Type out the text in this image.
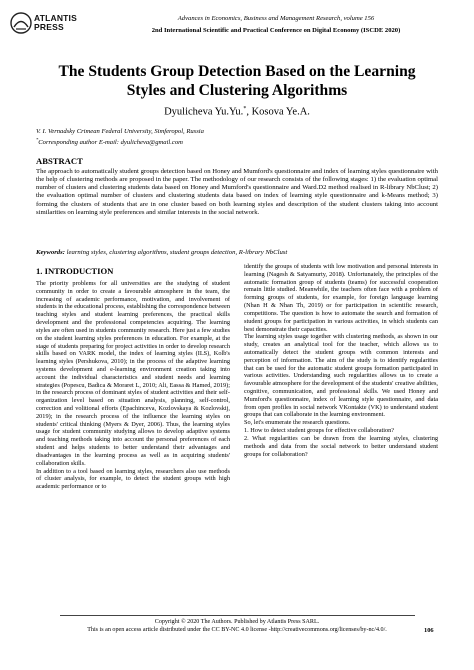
ATLANTIS
PRESS
Advances in Economics, Business and Management Research, volume 156
2nd International Scientific and Practical Conference on Digital Economy (ISCDE 2020)
The Students Group Detection Based on the Learning
Styles and Clustering Algorithms
Dyulicheva Yu.Yu.*, Kosova Ye.A.
V. I. Vernadsky Crimean Federal University, Simferopol, Russia
*Corresponding author E-mail: dyulicheva@gmail.com
ABSTRACT
The approach to automatically student groups detection based on Honey and Mumford's questionnaire and index of learning styles questionnaire with the help of clustering methods are proposed in the paper. The methodology of our research consists of the following stages: 1) the evaluation optimal number of clusters and clustering students data based on Honey and Mumford's questionnaire and Ward.D2 method realised in R-library NbClust; 2) the evaluation optimal number of clusters and clustering students data based on index of learning style questionnaire and k-Means method; 3) forming the clusters of students that are in one cluster based on both learning styles and description of the student clusters taking into account similarities on learning style preferences and similar interests in the social network.
Keywords: learning styles, clustering algorithms, student groups detection, R-library NbClust
1. INTRODUCTION
The priority problems for all universities are the studying of student community in order to create a favourable atmosphere in the team, the increasing of academic performance, motivation, and involvement of students in the educational process, establishing the correspondence between teaching styles and student learning preferences, the practical skills development and the professional competencies acquiring. The learning styles are often used in students community research. Here just a few studies on the student learning styles preferences in education. For example, at the stage of students preparing for project activities in order to develop research skills based on VARK model, the index of learning styles (ILS), Kolb's learning styles (Pershukova, 2010); in the process of the adaptive learning systems development and e-learning environment creation taking into account the individual characteristics and student needs and learning strategies (Popescu, Badica & Moraret L, 2010; Ali, Eassa & Hamed, 2019); in the research process of dominant styles of student activities and their self-organization level based on situation analysis, planning, self-control, correction and volitional efforts (Epachinceva, Kozlovskaya & Kozlovskij, 2019); in the research process of the influence the learning styles on students' critical thinking (Myers & Dyer, 2006). Thus, the learning styles usage for student community studying allows to develop adaptive systems and teaching methods taking into account the personal preferences of each student and helps students to better understand their advantages and disadvantages in the learning process as well as in acquiring students' collaboration skills.
In addition to a tool based on learning styles, researchers also use methods of cluster analysis, for example, to detect the student groups with high academic performance or to
identify the groups of students with low motivation and personal interests in learning (Nagesh & Satyamurty, 2018). Unfortunately, the principles of the automatic formation group of students (teams) for successful cooperation remain little studied. Meanwhile, the teachers often face with a problem of forming groups of students, for example, for foreign language learning (Nhan H & Nhan Th, 2019) or for participation in scientific research, competitions. The question is how to automate the search and formation of student groups for participation in various activities, in which students can best demonstrate their capacities.
The learning styles usage together with clustering methods, as shown in our study, creates an analytical tool for the teacher, which allows us to automatically detect the student groups with common interests and perception of information. The aim of the study is to identify regularities that can be used for the automatic student groups formation participated in various activities. Understanding such regularities allows us to create a favourable atmosphere for the development of the students' creative abilities, cognitive, communication, and professional skills. We used Honey and Mumford's questionnaire, index of learning style questionnaire, and data from open profiles in social network VKontakte (VK) to understand student groups that can collaborate in the learning environment.
So, let's enumerate the research questions.
1. How to detect student groups for effective collaboration?
2. What regularities can be drawn from the learning styles, clustering methods and data from the social network to better understand student groups for collaboration?
Copyright © 2020 The Authors. Published by Atlantis Press SARL.
This is an open access article distributed under the CC BY-NC 4.0 license -http://creativecommons.org/licenses/by-nc/4.0/.	106
